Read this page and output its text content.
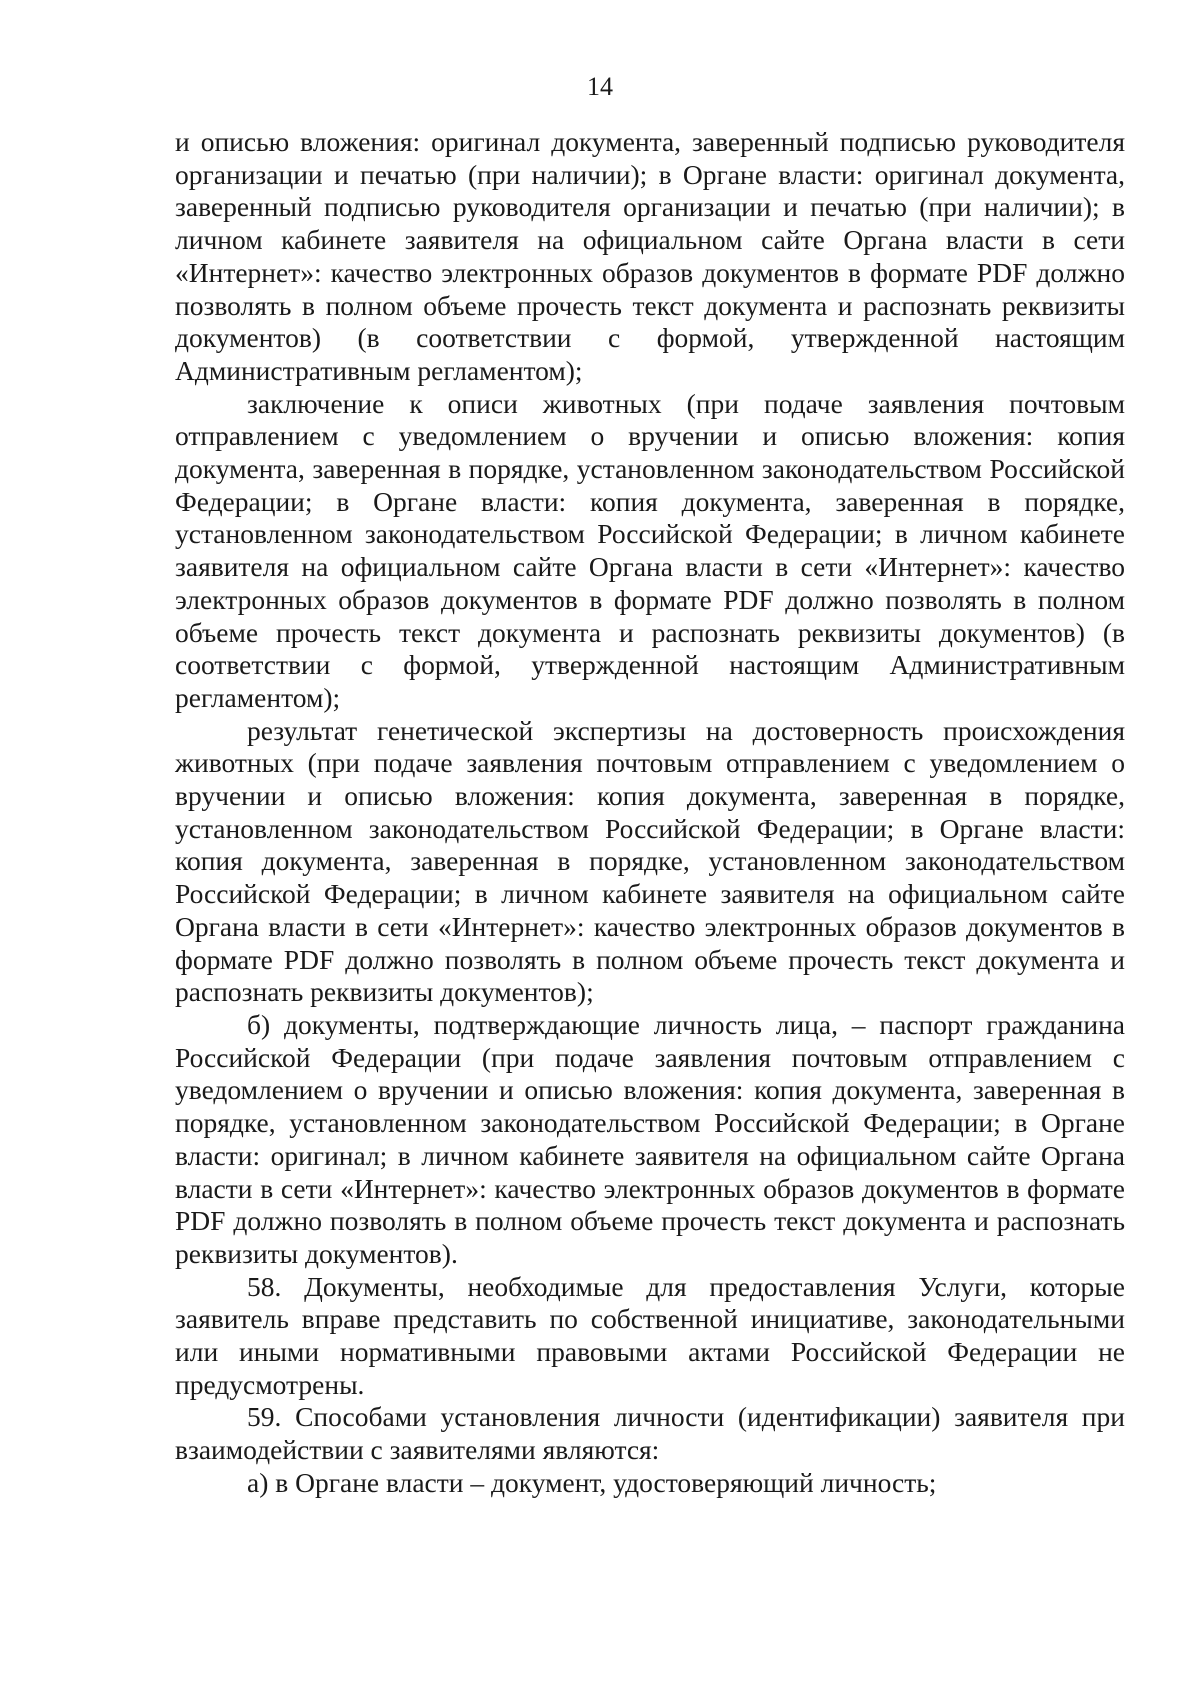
14

и описью вложения: оригинал документа, заверенный подписью руководителя организации и печатью (при наличии); в Органе власти: оригинал документа, заверенный подписью руководителя организации и печатью (при наличии); в личном кабинете заявителя на официальном сайте Органа власти в сети «Интернет»: качество электронных образов документов в формате PDF должно позволять в полном объеме прочесть текст документа и распознать реквизиты документов) (в соответствии с формой, утвержденной настоящим Административным регламентом);

заключение к описи животных (при подаче заявления почтовым отправлением с уведомлением о вручении и описью вложения: копия документа, заверенная в порядке, установленном законодательством Российской Федерации; в Органе власти: копия документа, заверенная в порядке, установленном законодательством Российской Федерации; в личном кабинете заявителя на официальном сайте Органа власти в сети «Интернет»: качество электронных образов документов в формате PDF должно позволять в полном объеме прочесть текст документа и распознать реквизиты документов) (в соответствии с формой, утвержденной настоящим Административным регламентом);

результат генетической экспертизы на достоверность происхождения животных (при подаче заявления почтовым отправлением с уведомлением о вручении и описью вложения: копия документа, заверенная в порядке, установленном законодательством Российской Федерации; в Органе власти: копия документа, заверенная в порядке, установленном законодательством Российской Федерации; в личном кабинете заявителя на официальном сайте Органа власти в сети «Интернет»: качество электронных образов документов в формате PDF должно позволять в полном объеме прочесть текст документа и распознать реквизиты документов);

б) документы, подтверждающие личность лица, – паспорт гражданина Российской Федерации (при подаче заявления почтовым отправлением с уведомлением о вручении и описью вложения: копия документа, заверенная в порядке, установленном законодательством Российской Федерации; в Органе власти: оригинал; в личном кабинете заявителя на официальном сайте Органа власти в сети «Интернет»: качество электронных образов документов в формате PDF должно позволять в полном объеме прочесть текст документа и распознать реквизиты документов).

58. Документы, необходимые для предоставления Услуги, которые заявитель вправе представить по собственной инициативе, законодательными или иными нормативными правовыми актами Российской Федерации не предусмотрены.

59. Способами установления личности (идентификации) заявителя при взаимодействии с заявителями являются:

а) в Органе власти – документ, удостоверяющий личность;
